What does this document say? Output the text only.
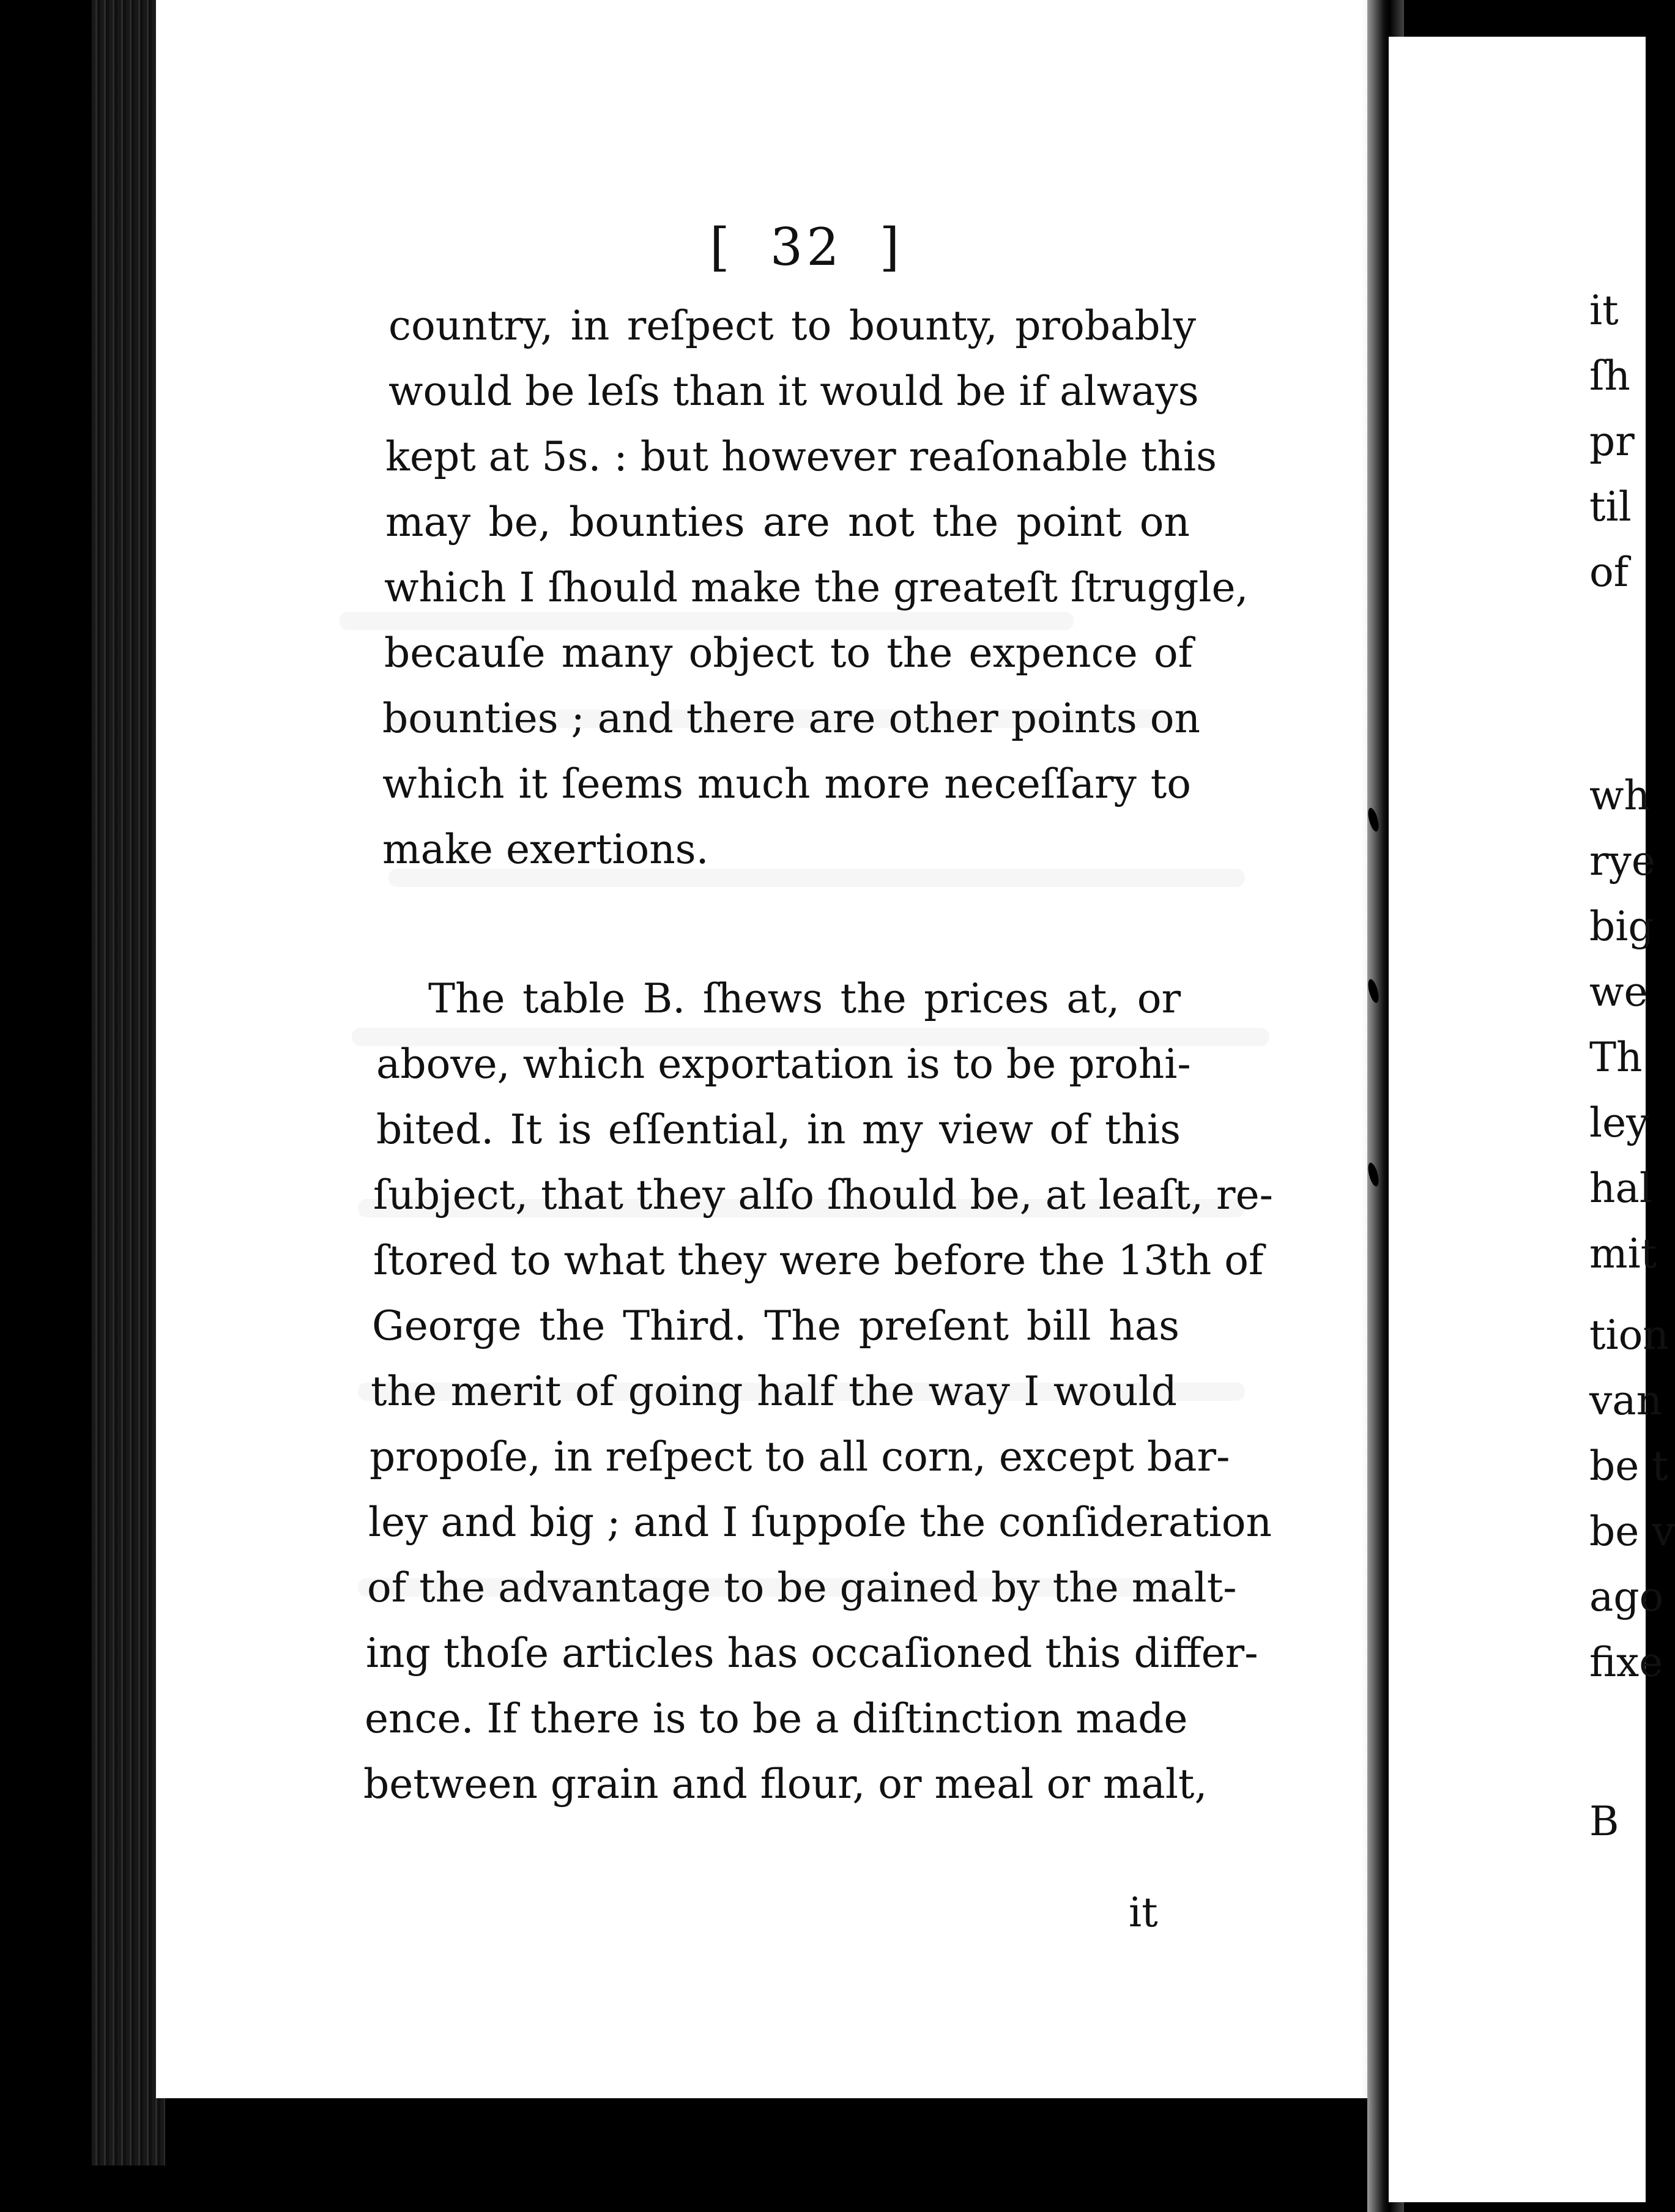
[ 32 ]
country, in reſpect to bounty, probably
would be leſs than it would be if always
kept at 5s. : but however reaſonable this
may be, bounties are not the point on
which I ſhould make the greateſt ſtruggle,
becauſe many object to the expence of
bounties ; and there are other points on
which it ſeems much more neceſſary to
make exertions.
The table B. ſhews the prices at, or
above, which exportation is to be prohi-
bited. It is eſſential, in my view of this
ſubject, that they alſo ſhould be, at leaſt, re-
ſtored to what they were before the 13th of
George the Third. The preſent bill has
the merit of going half the way I would
propoſe, in reſpect to all corn, except bar-
ley and big ; and I ſuppoſe the conſideration
of the advantage to be gained by the malt-
ing thoſe articles has occaſioned this differ-
ence. If there is to be a diſtinction made
between grain and flour, or meal or malt,
it
it
ſh
pr
til
of
wh
rye
big
we
Th
ley
hal
mit
tion
van
be t
be v
ago
fixe
B
